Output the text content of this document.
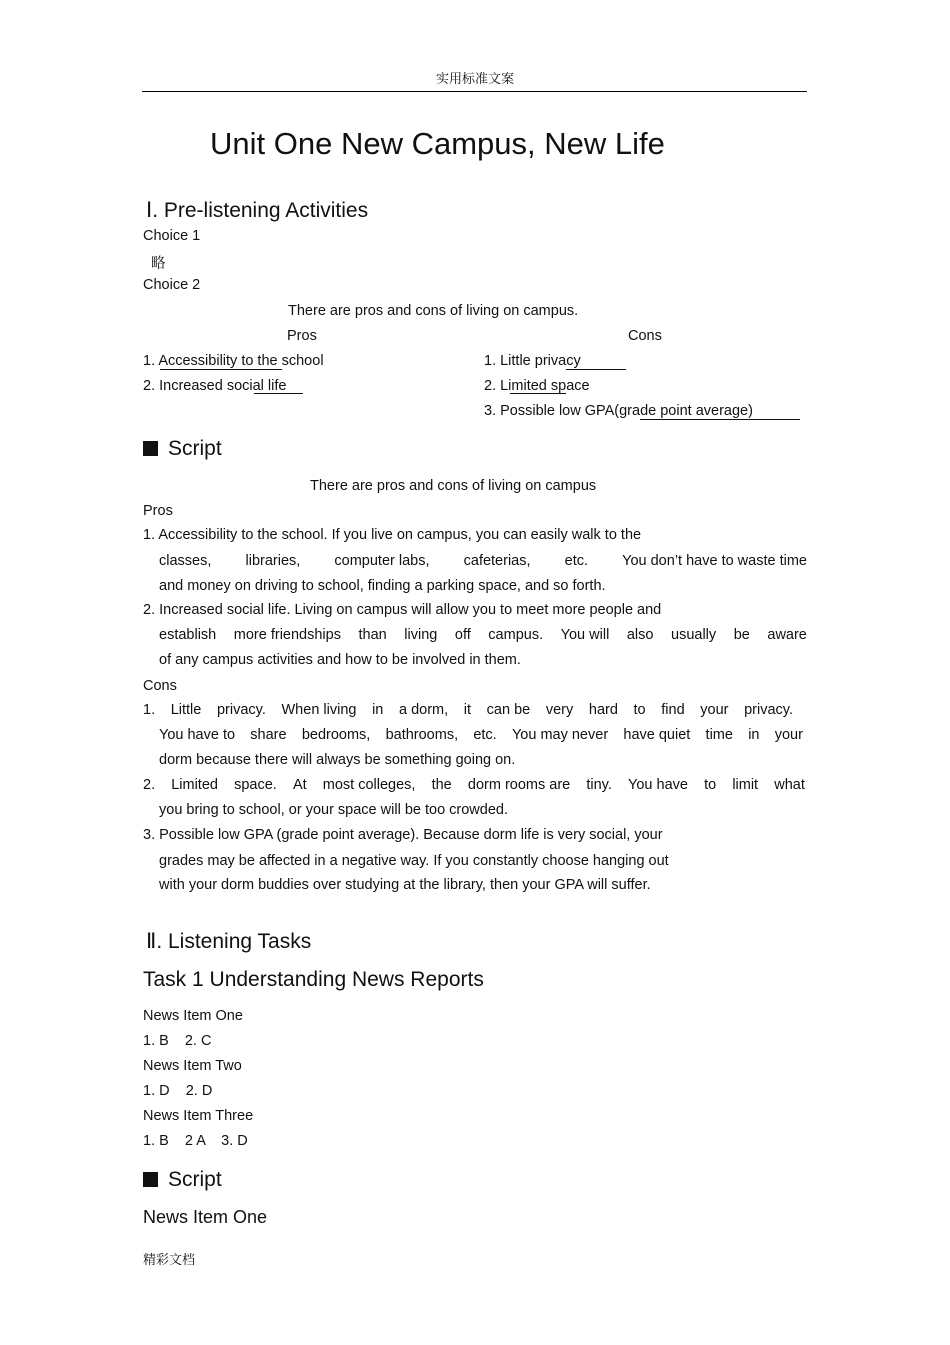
实用标准文案
Unit One New Campus, New Life
Ⅰ. Pre-listening Activities
Choice 1
略
Choice 2
There are pros and cons of living on campus.
Pros	Cons
1. Accessibility to the school
2. Increased social life
1. Little privacy
2. Limited space
3. Possible low GPA(grade point average)
Script
There are pros and cons of living on campus
Pros
1. Accessibility to the school. If you live on campus, you can easily walk to the
classes, libraries, computer labs, cafeterias, etc. You don’t have to waste time
and money on driving to school, finding a parking space, and so forth.
2. Increased social life. Living on campus will allow you to meet more people and
establish more friendships than living off campus. You will also usually be aware
of any campus activities and how to be involved in them.
Cons
1. Little privacy. When living in a dorm, it can be very hard to find your privacy.
You have to share bedrooms, bathrooms, etc. You may never have quiet time in your
dorm because there will always be something going on.
2. Limited space. At most colleges, the dorm rooms are tiny. You have to limit what
you bring to school, or your space will be too crowded.
3. Possible low GPA (grade point average). Because dorm life is very social, your
grades may be affected in a negative way. If you constantly choose hanging out
with your dorm buddies over studying at the library, then your GPA will suffer.
Ⅱ. Listening Tasks
Task 1 Understanding News Reports
News Item One
1. B    2. C
News Item Two
1. D    2. D
News Item Three
1. B    2 A    3. D
Script
News Item One
精彩文档
